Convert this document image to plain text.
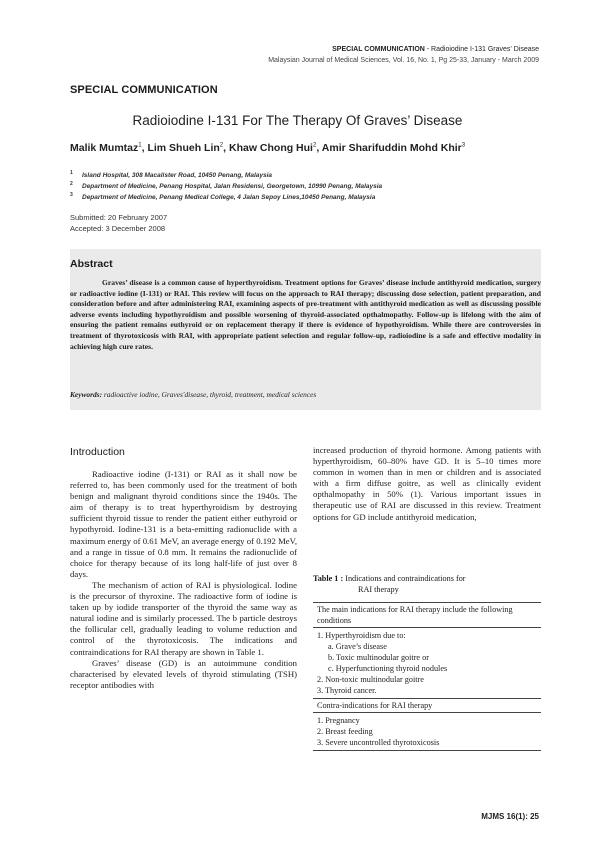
SPECIAL COMMUNICATION - Radioiodine I-131 Graves' Disease
Malaysian Journal of Medical Sciences, Vol. 16, No. 1, Pg 25-33, January - March 2009
SPECIAL COMMUNICATION
Radioiodine I-131 For The Therapy Of Graves’ Disease
Malik Mumtaz$^1$, Lim Shueh Lin$^2$, Khaw Chong Hui$^2$, Amir Sharifuddin Mohd Khir$^3$
1 Island Hospital, 308 Macalister Road, 10450 Penang, Malaysia
2 Department of Medicine, Penang Hospital, Jalan Residensi, Georgetown, 10990 Penang, Malaysia
3 Department of Medicine, Penang Medical College, 4 Jalan Sepoy Lines,10450 Penang, Malaysia
Submitted: 20 February 2007
Accepted: 3 December 2008
Abstract
Graves’ disease is a common cause of hyperthyroidism. Treatment options for Graves’ disease include antithyroid medication, surgery or radioactive iodine (I-131) or RAI. This review will focus on the approach to RAI therapy; discussing dose selection, patient preparation, and consideration before and after administering RAI, examining aspects of pre-treatment with antithyroid medication as well as discussing possible adverse events including hypothyroidism and possible worsening of thyroid-associated opthalmopathy. Follow-up is lifelong with the aim of ensuring the patient remains euthyroid or on replacement therapy if there is evidence of hypothyroidism. While there are controversies in treatment of thyrotoxicosis with RAI, with appropriate patient selection and regular follow-up, radioiodine is a safe and effective modality in achieving high cure rates.
Keywords: radioactive iodine, Graves'disease, thyroid, treatment, medical sciences
Introduction

Radioactive iodine (I-131) or RAI as it shall now be referred to, has been commonly used for the treatment of both benign and malignant thyroid conditions since the 1940s. The aim of therapy is to treat hyperthyroidism by destroying sufficient thyroid tissue to render the patient either euthyroid or hypothyroid. Iodine-131 is a beta-emitting radionuclide with a maximum energy of 0.61 MeV, an average energy of 0.192 MeV, and a range in tissue of 0.8 mm. It remains the radionuclide of choice for therapy because of its long half-life of just over 8 days.

The mechanism of action of RAI is physiological. Iodine is the precursor of thyroxine. The radioactive form of iodine is taken up by iodide transporter of the thyroid the same way as natural iodine and is similarly processed. The b particle destroys the follicular cell, gradually leading to volume reduction and control of the thyrotoxicosis. The indications and contraindications for RAI therapy are shown in Table 1.

Graves’ disease (GD) is an autoimmune condition characterised by elevated levels of thyroid stimulating (TSH) receptor antibodies with

increased production of thyroid hormone. Among patients with hyperthyroidism, 60–80% have GD. It is 5–10 times more common in women than in men or children and is associated with a firm diffuse goitre, as well as clinically evident opthalmopathy in 50% (1). Various important issues in therapeutic use of RAI are discussed in this review. Treatment options for GD include antithyroid medication,

Table 1 : Indications and contraindications for
RAI therapy
The main indications for RAI therapy include the following conditions
1. Hyperthyroidism due to:
a. Grave’s disease
b. Toxic multinodular goitre or
c. Hyperfunctioning thyroid nodules
2. Non-toxic multinodular goitre
3. Thyroid cancer.
Contra-indications for RAI therapy
1. Pregnancy
2. Breast feeding
3. Severe uncontrolled thyrotoxicosis
MJMS 16(1): 25
